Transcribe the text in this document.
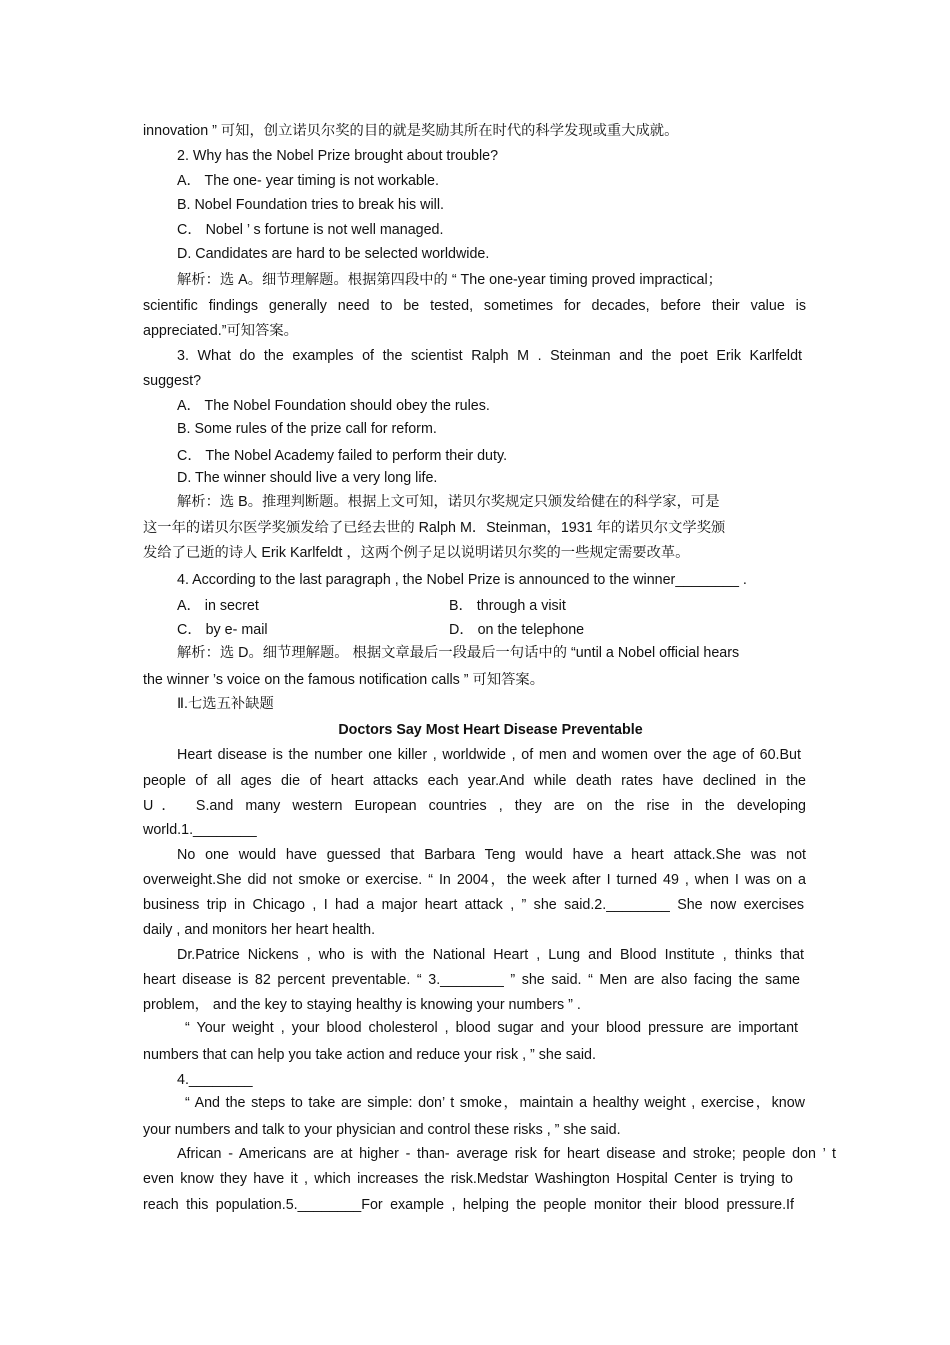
innovation ” 可知，创立诺贝尔奖的目的就是奖励其所在时代的科学发现或重大成就。
2. Why has the Nobel Prize brought about trouble?
A． The one- year timing is not workable.
B. Nobel Foundation tries to break his will.
C． Nobel ’ s fortune is not well managed.
D. Candidates are hard to be selected worldwide.
解析：选 A。细节理解题。根据第四段中的 “ The one-year timing proved impractical；
scientific findings generally need to be tested, sometimes for decades, before their value is
appreciated.”可知答案。
3. What do the examples of the scientist Ralph M . Steinman and the poet Erik Karlfeldt
suggest?
A． The Nobel Foundation should obey the rules.
B. Some rules of the prize call for reform.
C． The Nobel Academy failed to perform their duty.
D. The winner should live a very long life.
解析：选 B。推理判断题。根据上文可知，诺贝尔奖规定只颁发给健在的科学家，可是
这一年的诺贝尔医学奖颁发给了已经去世的 Ralph M．Steinman，1931 年的诺贝尔文学奖颁
发给了已逝的诗人 Erik Karlfeldt ，这两个例子足以说明诺贝尔奖的一些规定需要改革。
4. According to the last paragraph , the Nobel Prize is announced to the winner________ .
A． in secret	B． through a visit
C． by e- mail	D． on the telephone
解析：选 D。细节理解题。 根据文章最后一段最后一句话中的 “until a Nobel official hears
the winner ’s voice on the famous notification calls ” 可知答案。
Ⅱ.七选五补缺题
Doctors Say Most Heart Disease Preventable
Heart disease is the number one killer , worldwide , of men and women over the age of 60.But
people of all ages die of heart attacks each year.And while death rates have declined in the
U． S.and many western European countries , they are on the rise in the developing
world.1.________
No one would have guessed that Barbara Teng would have a heart attack.She was not
overweight.She did not smoke or exercise. “ In 2004，the week after I turned 49 , when I was on a
business trip in Chicago , I had a major heart attack , ” she said.2.________ She now exercises
daily , and monitors her heart health.
Dr.Patrice Nickens , who is with the National Heart , Lung and Blood Institute , thinks that
heart disease is 82 percent preventable. “ 3.________ ” she said. “ Men are also facing the same
problem， and the key to staying healthy is knowing your numbers ” .
“ Your weight , your blood cholesterol , blood sugar and your blood pressure are important
numbers that can help you take action and reduce your risk , ” she said.
4.________
“ And the steps to take are simple: don’ t smoke，maintain a healthy weight , exercise，know
your numbers and talk to your physician and control these risks , ” she said.
African - Americans are at higher - than- average risk for heart disease and stroke; people don ’ t
even know they have it , which increases the risk.Medstar Washington Hospital Center is trying to
reach this population.5.________For example , helping the people monitor their blood pressure.If
